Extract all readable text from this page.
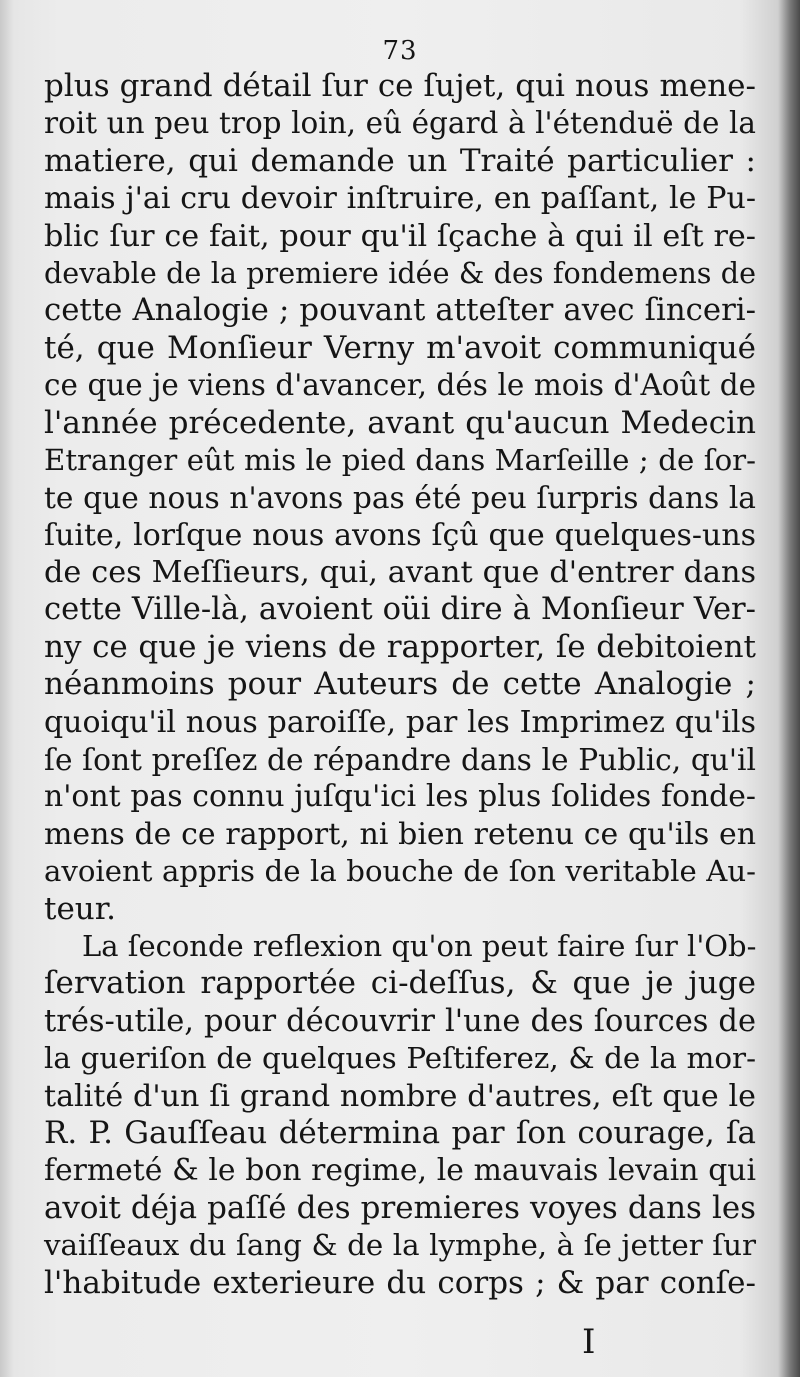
73
plus grand détail ſur ce ſujet, qui nous mene-
roit un peu trop loin, eû égard à l'étenduë de la
matiere, qui demande un Traité particulier :
mais j'ai cru devoir inſtruire, en paſſant, le Pu-
blic ſur ce fait, pour qu'il ſçache à qui il eſt re-
devable de la premiere idée & des fondemens de
cette Analogie ; pouvant atteſter avec ſinceri-
té, que Monſieur Verny m'avoit communiqué
ce que je viens d'avancer, dés le mois d'Août de
l'année précedente, avant qu'aucun Medecin
Etranger eût mis le pied dans Marſeille ; de ſor-
te que nous n'avons pas été peu ſurpris dans la
ſuite, lorſque nous avons ſçû que quelques-uns
de ces Meſſieurs, qui, avant que d'entrer dans
cette Ville-là, avoient oüi dire à Monſieur Ver-
ny ce que je viens de rapporter, ſe debitoient
néanmoins pour Auteurs de cette Analogie ;
quoiqu'il nous paroiſſe, par les Imprimez qu'ils
ſe ſont preſſez de répandre dans le Public, qu'il
n'ont pas connu juſqu'ici les plus ſolides fonde-
mens de ce rapport, ni bien retenu ce qu'ils en
avoient appris de la bouche de ſon veritable Au-
teur.
La ſeconde reflexion qu'on peut faire ſur l'Ob-
ſervation rapportée ci-deſſus, & que je juge
trés-utile, pour découvrir l'une des ſources de
la gueriſon de quelques Peſtiferez, & de la mor-
talité d'un ſi grand nombre d'autres, eſt que le
R. P. Gauſſeau détermina par ſon courage, ſa
fermeté & le bon regime, le mauvais levain qui
avoit déja paſſé des premieres voyes dans les
vaiſſeaux du ſang & de la lymphe, à ſe jetter ſur
l'habitude exterieure du corps ; & par conſe-
I
